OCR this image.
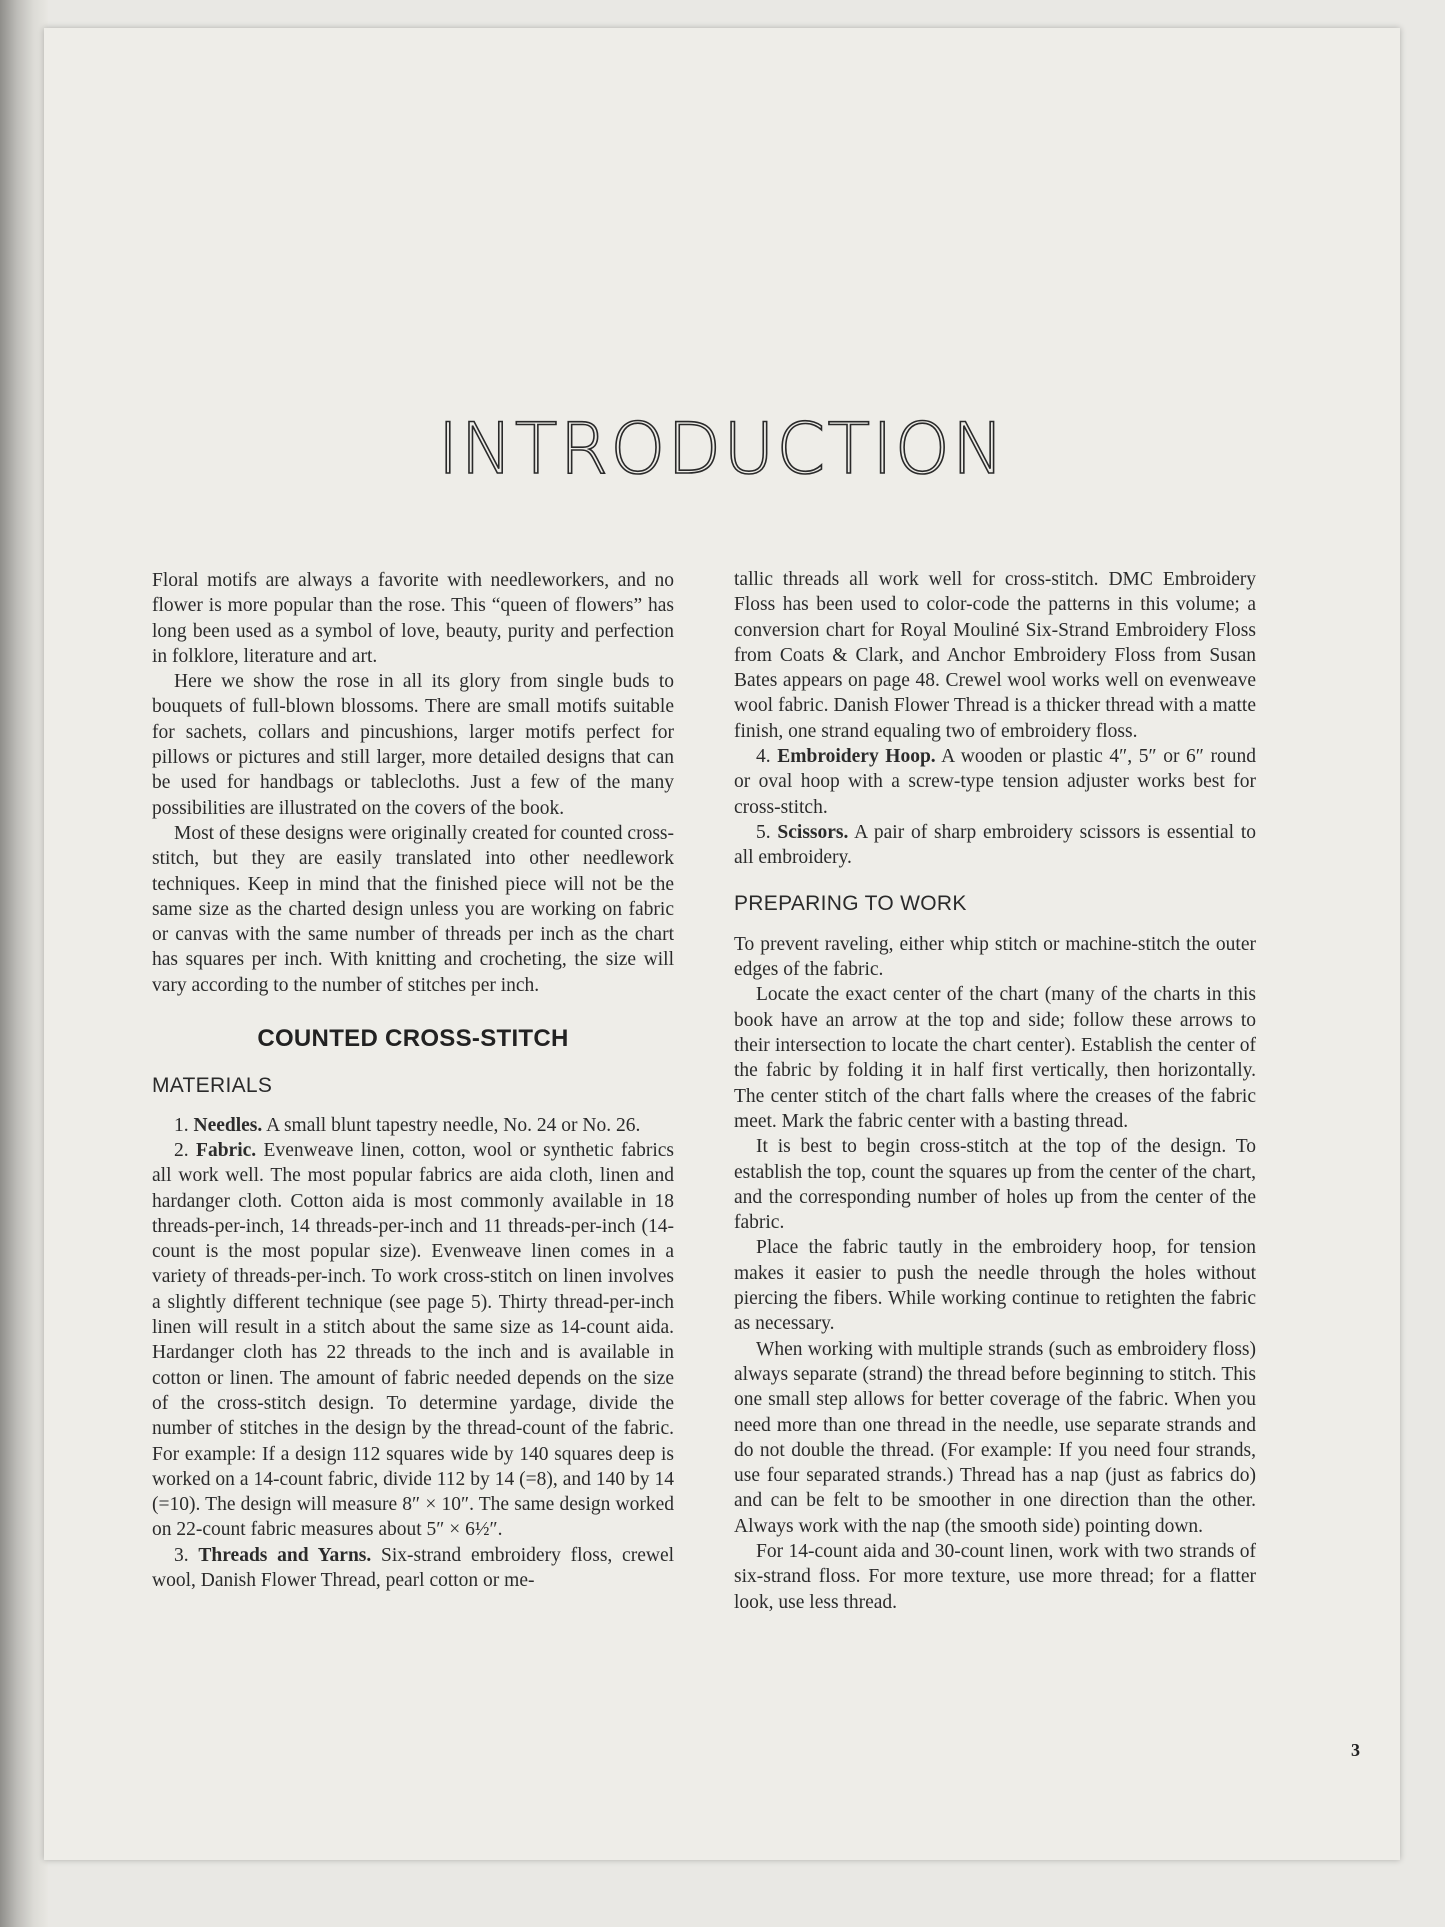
INTRODUCTION

Floral motifs are always a favorite with needleworkers, and no flower is more popular than the rose. This “queen of flowers” has long been used as a symbol of love, beauty, purity and perfection in folklore, literature and art.

Here we show the rose in all its glory from single buds to bouquets of full-blown blossoms. There are small motifs suitable for sachets, collars and pincushions, larger motifs perfect for pillows or pictures and still larger, more detailed designs that can be used for handbags or tablecloths. Just a few of the many possibilities are illustrated on the covers of the book.

Most of these designs were originally created for counted cross-stitch, but they are easily translated into other needlework techniques. Keep in mind that the finished piece will not be the same size as the charted design unless you are working on fabric or canvas with the same number of threads per inch as the chart has squares per inch. With knitting and crocheting, the size will vary according to the number of stitches per inch.

COUNTED CROSS-STITCH
MATERIALS

1. Needles. A small blunt tapestry needle, No. 24 or No. 26.

2. Fabric. Evenweave linen, cotton, wool or synthetic fabrics all work well. The most popular fabrics are aida cloth, linen and hardanger cloth. Cotton aida is most commonly available in 18 threads-per-inch, 14 threads-per-inch and 11 threads-per-inch (14-count is the most popular size). Evenweave linen comes in a variety of threads-per-inch. To work cross-stitch on linen involves a slightly different technique (see page 5). Thirty thread-per-inch linen will result in a stitch about the same size as 14-count aida. Hardanger cloth has 22 threads to the inch and is available in cotton or linen. The amount of fabric needed depends on the size of the cross-stitch design. To determine yardage, divide the number of stitches in the design by the thread-count of the fabric. For example: If a design 112 squares wide by 140 squares deep is worked on a 14-count fabric, divide 112 by 14 (=8), and 140 by 14 (=10). The design will measure 8″ × 10″. The same design worked on 22-count fabric measures about 5″ × 6½″.

3. Threads and Yarns. Six-strand embroidery floss, crewel wool, Danish Flower Thread, pearl cotton or me-

tallic threads all work well for cross-stitch. DMC Embroidery Floss has been used to color-code the patterns in this volume; a conversion chart for Royal Mouliné Six-Strand Embroidery Floss from Coats & Clark, and Anchor Embroidery Floss from Susan Bates appears on page 48. Crewel wool works well on evenweave wool fabric. Danish Flower Thread is a thicker thread with a matte finish, one strand equaling two of embroidery floss.

4. Embroidery Hoop. A wooden or plastic 4″, 5″ or 6″ round or oval hoop with a screw-type tension adjuster works best for cross-stitch.

5. Scissors. A pair of sharp embroidery scissors is essential to all embroidery.

PREPARING TO WORK

To prevent raveling, either whip stitch or machine-stitch the outer edges of the fabric.

Locate the exact center of the chart (many of the charts in this book have an arrow at the top and side; follow these arrows to their intersection to locate the chart center). Establish the center of the fabric by folding it in half first vertically, then horizontally. The center stitch of the chart falls where the creases of the fabric meet. Mark the fabric center with a basting thread.

It is best to begin cross-stitch at the top of the design. To establish the top, count the squares up from the center of the chart, and the corresponding number of holes up from the center of the fabric.

Place the fabric tautly in the embroidery hoop, for tension makes it easier to push the needle through the holes without piercing the fibers. While working continue to retighten the fabric as necessary.

When working with multiple strands (such as embroidery floss) always separate (strand) the thread before beginning to stitch. This one small step allows for better coverage of the fabric. When you need more than one thread in the needle, use separate strands and do not double the thread. (For example: If you need four strands, use four separated strands.) Thread has a nap (just as fabrics do) and can be felt to be smoother in one direction than the other. Always work with the nap (the smooth side) pointing down.

For 14-count aida and 30-count linen, work with two strands of six-strand floss. For more texture, use more thread; for a flatter look, use less thread.

3
